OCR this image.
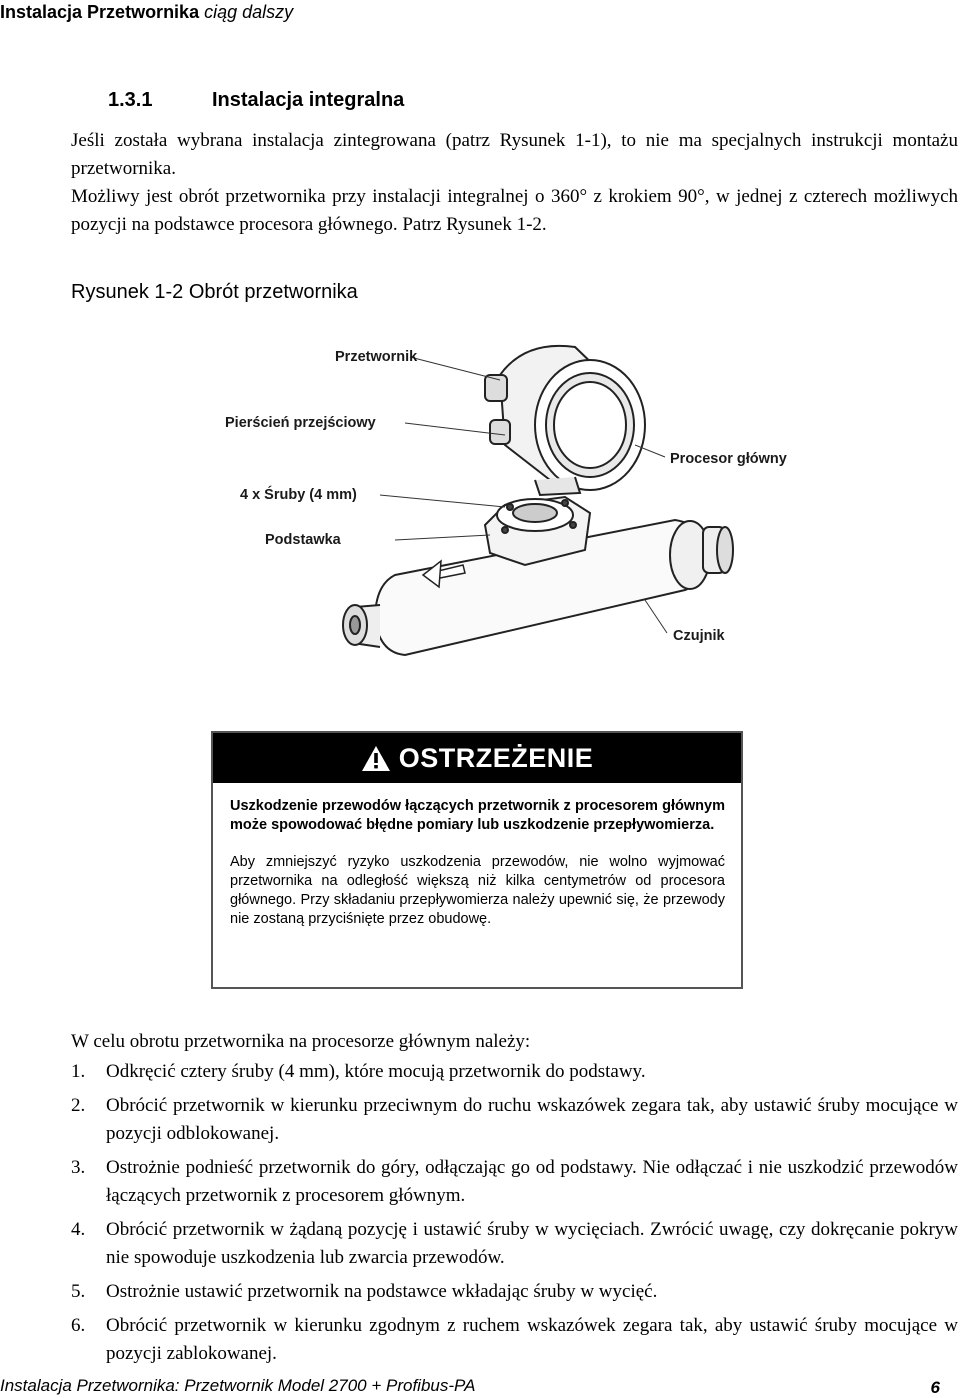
Instalacja Przetwornika ciąg dalszy
1.3.1	Instalacja integralna
Jeśli została wybrana instalacja zintegrowana (patrz Rysunek 1-1), to nie ma specjalnych instrukcji montażu przetwornika.
Możliwy jest obrót przetwornika przy instalacji integralnej o 360° z krokiem 90°, w jednej z czterech możliwych pozycji na podstawce procesora głównego. Patrz Rysunek 1-2.
Rysunek 1-2 Obrót przetwornika
Przetwornik
Pierścień przejściowy
4 x Śruby (4 mm)
Procesor główny
Podstawka
Czujnik
OSTRZEŻENIE

Uszkodzenie przewodów łączących przetwornik z procesorem głównym może spowodować błędne pomiary lub uszkodzenie przepływomierza.

Aby zmniejszyć ryzyko uszkodzenia przewodów, nie wolno wyjmować przetwornika na odległość większą niż kilka centymetrów od procesora głównego. Przy składaniu przepływomierza należy upewnić się, że przewody nie zostaną przyciśnięte przez obudowę.

W celu obrotu przetwornika na procesorze głównym należy:
1.	Odkręcić cztery śruby (4 mm), które mocują przetwornik do podstawy.
2.	Obrócić przetwornik w kierunku przeciwnym do ruchu wskazówek zegara tak, aby ustawić śruby mocujące w pozycji odblokowanej.
3.	Ostrożnie podnieść przetwornik do góry, odłączając go od podstawy. Nie odłączać i nie uszkodzić przewodów łączących przetwornik z procesorem głównym.
4.	Obrócić przetwornik w żądaną pozycję i ustawić śruby w wycięciach. Zwrócić uwagę, czy dokręcanie pokryw nie spowoduje uszkodzenia lub zwarcia przewodów.
5.	Ostrożnie ustawić przetwornik na podstawce wkładając śruby w wycięć.
6.	Obrócić przetwornik w kierunku zgodnym z ruchem wskazówek zegara tak, aby ustawić śruby mocujące w pozycji zablokowanej.
Instalacja Przetwornika: Przetwornik Model 2700 + Profibus-PA	6
